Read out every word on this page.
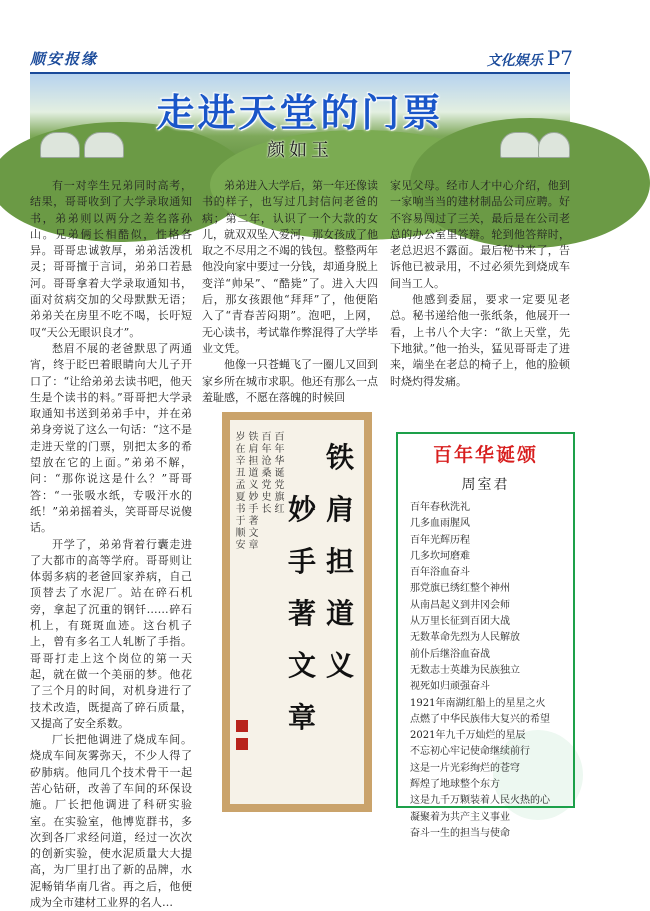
顺安报缘	文化娱乐 P7
走进天堂的门票
颜如玉

有一对孪生兄弟同时高考，结果，哥哥收到了大学录取通知书，弟弟则以两分之差名落孙山。兄弟俩长相酷似，性格各异。哥哥忠诚敦厚，弟弟活泼机灵；哥哥擅于言词，弟弟口若悬河。哥哥拿着大学录取通知书，面对贫病交加的父母默默无语；弟弟关在房里不吃不喝，长吁短叹“天公无眼识良才”。

愁眉不展的老爸默思了两通宵，终于眨巴着眼睛向大儿子开口了：“让给弟弟去读书吧，他天生是个读书的料。”哥哥把大学录取通知书送到弟弟手中，并在弟弟身旁说了这么一句话：“这不是走进天堂的门票，别把太多的希望放在它的上面。”弟弟不解，问：“那你说这是什么？”哥哥答：“一张吸水纸，专吸汗水的纸！”弟弟摇着头，笑哥哥尽说傻话。

开学了，弟弟背着行囊走进了大都市的高等学府。哥哥则让体弱多病的老爸回家养病，自己顶替去了水泥厂。站在碎石机旁，拿起了沉重的钢钎……碎石机上，有斑斑血迹。这台机子上，曾有多名工人轧断了手指。哥哥打走上这个岗位的第一天起，就在做一个美丽的梦。他花了三个月的时间，对机身进行了技术改造，既提高了碎石质量，又提高了安全系数。

厂长把他调进了烧成车间。烧成车间灰雾弥天，不少人得了矽肺病。他同几个技术骨干一起苦心钻研，改善了车间的环保设施。厂长把他调进了科研实验室。在实验室，他博览群书，多次到各厂求经问道，经过一次次的创新实验，使水泥质量大大提高，为厂里打出了新的品牌，水泥畅销华南几省。再之后，他便成为全市建材工业界的名人…

弟弟进入大学后，第一年还像读书的样子，也写过几封信问老爸的病；第二年，认识了一个大款的女儿，就双双坠入爱河，那女孩成了他取之不尽用之不竭的钱包。整整两年他没向家中要过一分钱，却通身脱上变洋“帅呆”、“酷毙”了。进入大四后，那女孩跟他“拜拜”了，他便陷入了“青春苦闷期”。泡吧，上网，无心读书，考试靠作弊混得了大学毕业文凭。

他像一只苍蝇飞了一圈儿又回到家乡所在城市求职。他还有那么一点羞耻感，不愿在落魄的时候回

家见父母。经市人才中心介绍，他到一家响当当的建材制品公司应聘。好不容易闯过了三关，最后是在公司老总的办公室里答辩。轮到他答辩时，老总迟迟不露面。最后秘书来了，告诉他已被录用，不过必须先到烧成车间当工人。

他感到委屈，要求一定要见老总。秘书递给他一张纸条，他展开一看，上书八个大字：“欲上天堂，先下地狱。”他一抬头，猛见哥哥走了进来，端坐在老总的椅子上，他的脸顿时烧灼得发痛。

铁
肩
担
道
义
妙
手
著
文
章
百年华诞党旗红
百年沧桑党史长
铁肩担道义妙手著文章
岁在辛丑孟夏书于顺安
百年华诞颂
周室君
百年春秋洗礼
几多血雨腥风
百年光辉历程
几多坎坷磨难
百年浴血奋斗
那党旗已绣红整个神州
从南昌起义到井冈会师
从万里长征到百团大战
无数革命先烈为人民解放
前仆后继浴血奋战
无数志士英雄为民族独立
视死如归顽强奋斗
1921年南湖红船上的星星之火
点燃了中华民族伟大复兴的希望
2021年九千万灿烂的星辰
不忘初心牢记使命继续前行
这是一片光彩绚烂的苍穹
辉煌了地球整个东方
这是九千万颗装着人民火热的心
凝聚着为共产主义事业
奋斗一生的担当与使命
